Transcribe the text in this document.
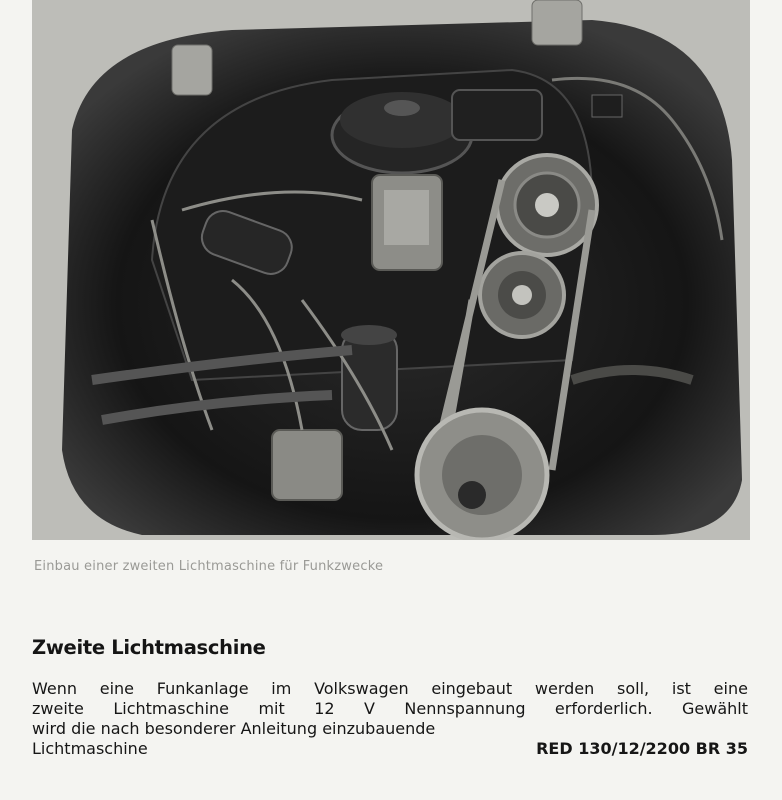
Einbau einer zweiten Lichtmaschine für Funkzwecke
Zweite Lichtmaschine
Wenn eine Funkanlage im Volkswagen eingebaut werden soll, ist eine
zweite Lichtmaschine mit 12 V Nennspannung erforderlich. Gewählt
wird die nach besonderer Anleitung einzubauende
Lichtmaschine	RED 130/12/2200 BR 35
